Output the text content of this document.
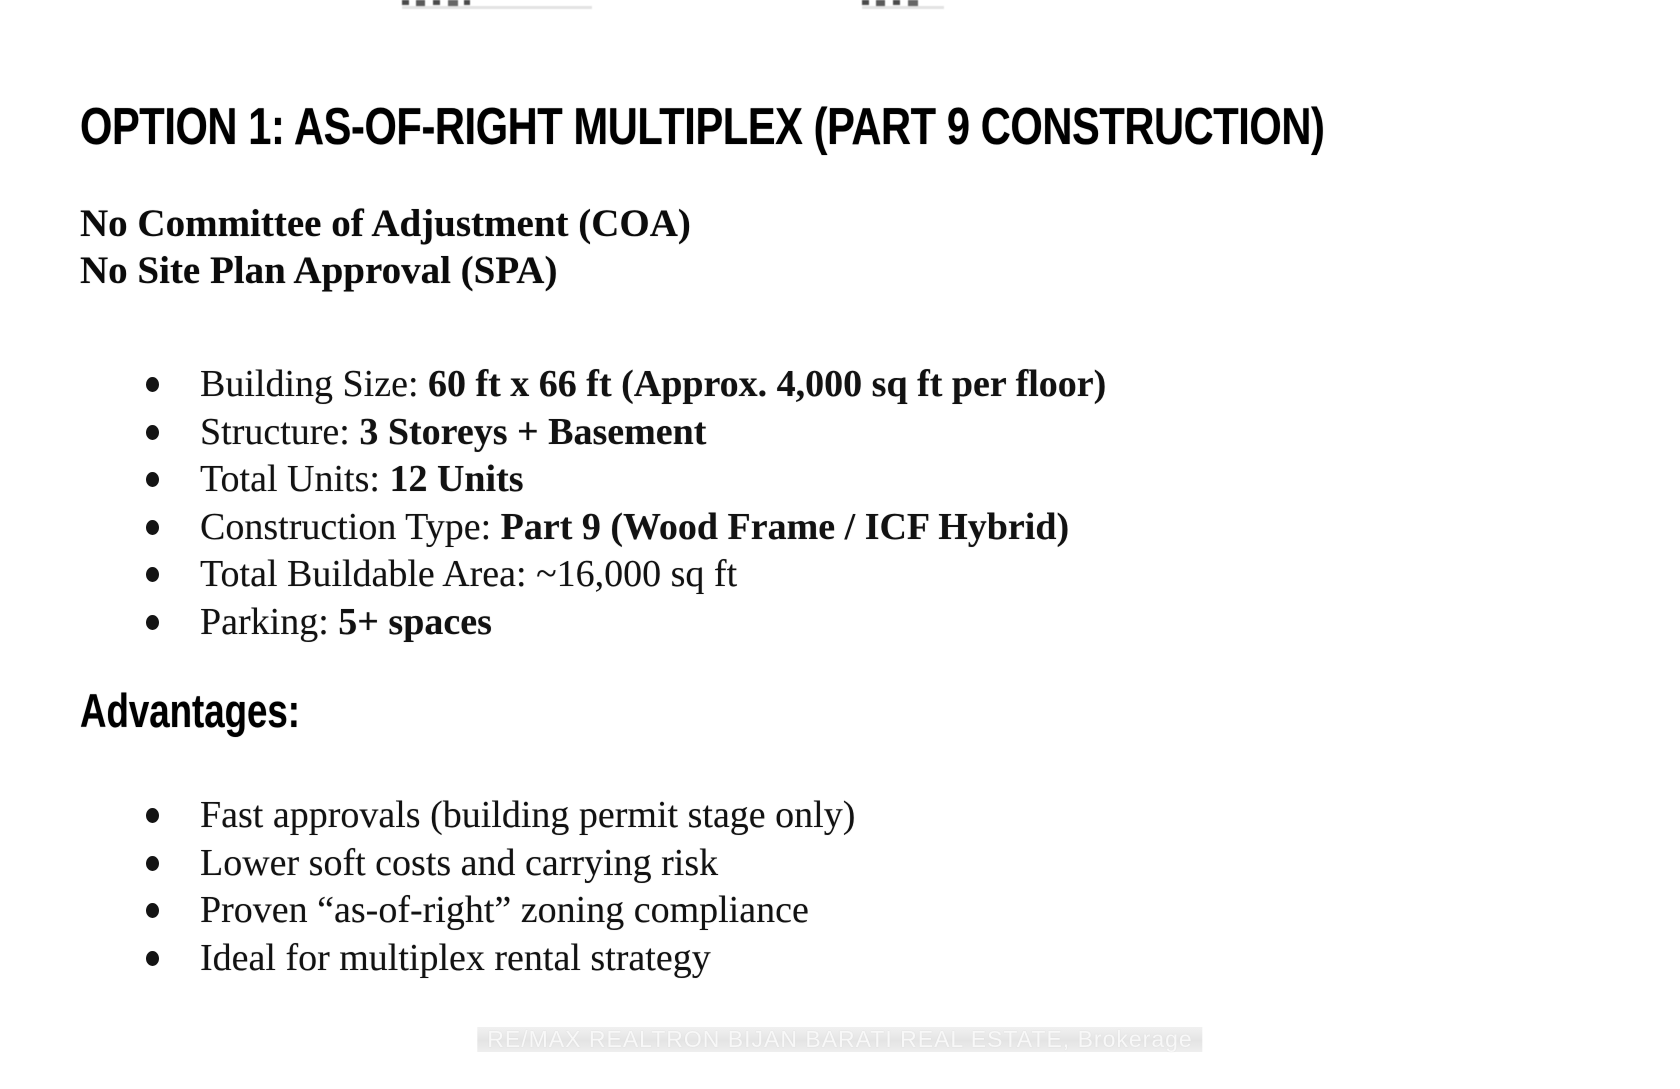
OPTION 1: AS-OF-RIGHT MULTIPLEX (PART 9 CONSTRUCTION)
No Committee of Adjustment (COA)
No Site Plan Approval (SPA)
Building Size: 60 ft x 66 ft (Approx. 4,000 sq ft per floor)
Structure: 3 Storeys + Basement
Total Units: 12 Units
Construction Type: Part 9 (Wood Frame / ICF Hybrid)
Total Buildable Area: ~16,000 sq ft
Parking: 5+ spaces
Advantages:
Fast approvals (building permit stage only)
Lower soft costs and carrying risk
Proven “as-of-right” zoning compliance
Ideal for multiplex rental strategy
RE/MAX REALTRON BIJAN BARATI REAL ESTATE, Brokerage
